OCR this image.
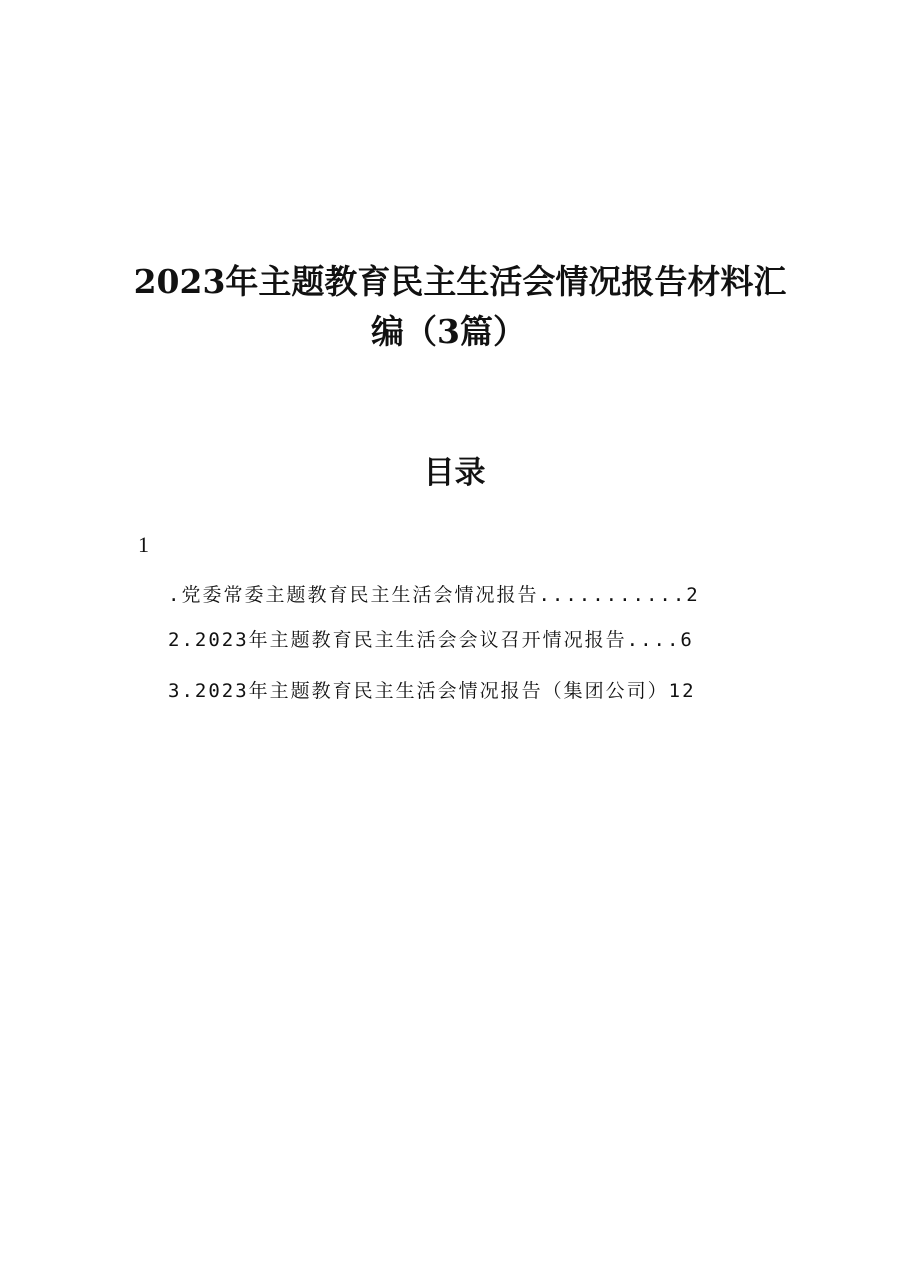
2023年主题教育民主生活会情况报告材料汇
编（3篇）
目录
1
.党委常委主题教育民主生活会情况报告...........2
2.2023年主题教育民主生活会会议召开情况报告....6
3.2023年主题教育民主生活会情况报告（集团公司）12
